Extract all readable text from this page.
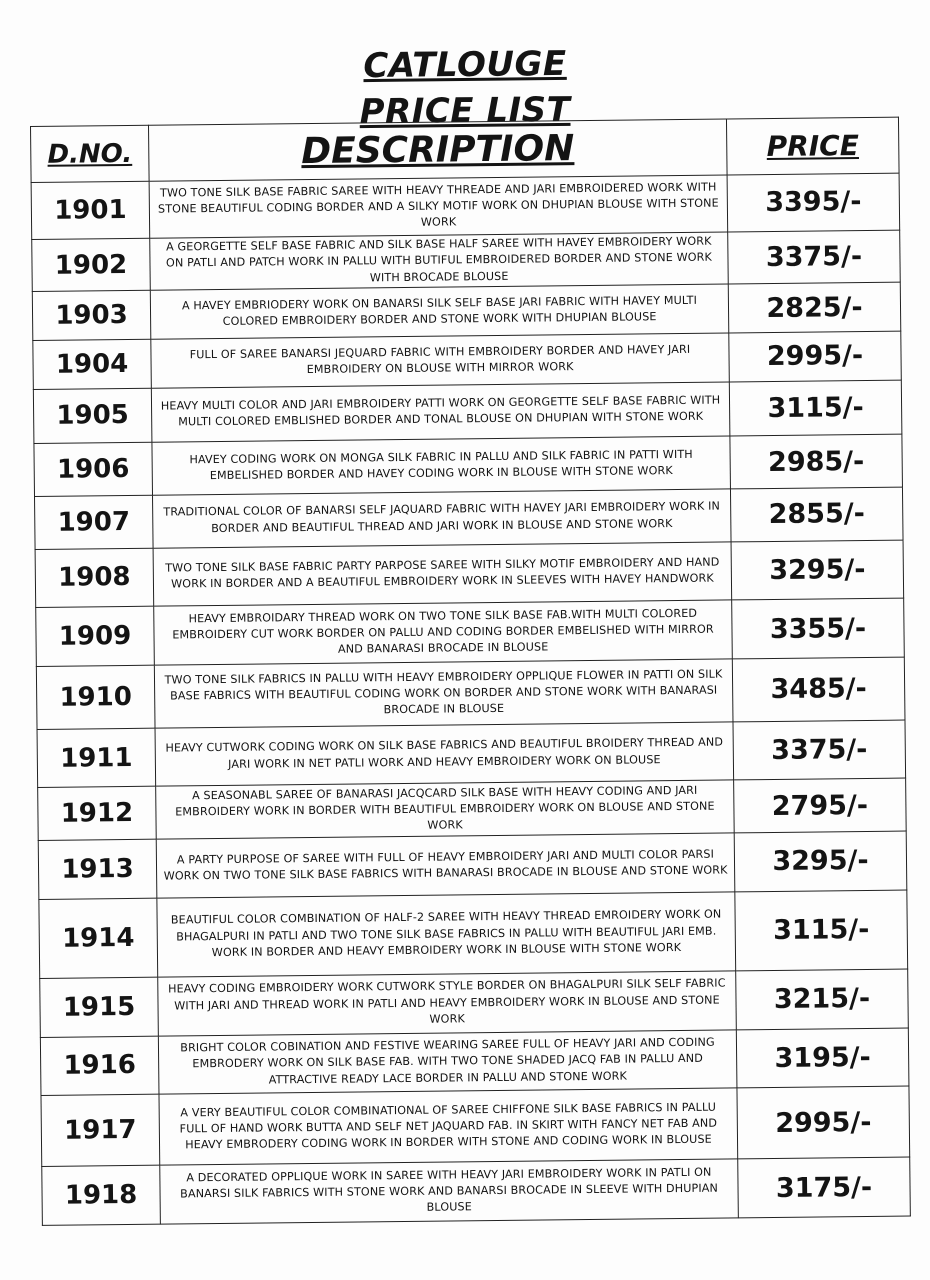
CATLOUGE
PRICE LIST
D.NO.	DESCRIPTION	PRICE
1901	TWO TONE SILK BASE FABRIC SAREE WITH HEAVY THREADE AND JARI EMBROIDERED WORK WITH STONE BEAUTIFUL CODING BORDER AND A SILKY MOTIF WORK ON DHUPIAN BLOUSE WITH STONE WORK	3395/-
1902	A GEORGETTE SELF BASE FABRIC AND SILK BASE HALF SAREE WITH HAVEY EMBROIDERY WORK ON PATLI AND PATCH WORK IN PALLU WITH BUTIFUL EMBROIDERED BORDER AND STONE WORK WITH BROCADE BLOUSE	3375/-
1903	A HAVEY EMBRIODERY WORK ON BANARSI SILK SELF BASE JARI FABRIC WITH HAVEY MULTI COLORED EMBROIDERY BORDER AND STONE WORK WITH DHUPIAN BLOUSE	2825/-
1904	FULL OF SAREE BANARSI JEQUARD FABRIC WITH EMBROIDERY BORDER AND HAVEY JARI EMBROIDERY ON BLOUSE WITH MIRROR WORK	2995/-
1905	HEAVY MULTI COLOR AND JARI EMBROIDERY PATTI WORK ON GEORGETTE SELF BASE FABRIC WITH MULTI COLORED EMBLISHED BORDER AND TONAL BLOUSE ON DHUPIAN WITH STONE WORK	3115/-
1906	HAVEY CODING WORK ON MONGA SILK FABRIC IN PALLU AND SILK FABRIC IN PATTI WITH EMBELISHED BORDER AND HAVEY CODING WORK IN BLOUSE WITH STONE WORK	2985/-
1907	TRADITIONAL COLOR OF BANARSI SELF JAQUARD FABRIC WITH HAVEY JARI EMBROIDERY WORK IN BORDER AND BEAUTIFUL THREAD AND JARI WORK IN BLOUSE AND STONE WORK	2855/-
1908	TWO TONE SILK BASE FABRIC PARTY PARPOSE SAREE WITH SILKY MOTIF EMBROIDERY AND HAND WORK IN BORDER AND A BEAUTIFUL EMBROIDERY WORK IN SLEEVES WITH HAVEY HANDWORK	3295/-
1909	HEAVY EMBROIDARY THREAD WORK ON TWO TONE SILK BASE FAB.WITH MULTI COLORED EMBROIDERY CUT WORK BORDER ON PALLU AND CODING BORDER EMBELISHED WITH MIRROR AND BANARASI BROCADE IN BLOUSE	3355/-
1910	TWO TONE SILK FABRICS IN PALLU WITH HEAVY EMBROIDERY OPPLIQUE FLOWER IN PATTI ON SILK BASE FABRICS WITH BEAUTIFUL CODING WORK ON BORDER AND STONE WORK WITH BANARASI BROCADE IN BLOUSE	3485/-
1911	HEAVY CUTWORK CODING WORK ON SILK BASE FABRICS AND BEAUTIFUL BROIDERY THREAD AND JARI WORK IN NET PATLI WORK AND HEAVY EMBROIDERY WORK ON BLOUSE	3375/-
1912	A SEASONABL SAREE OF BANARASI JACQCARD SILK BASE WITH HEAVY CODING AND JARI EMBROIDERY WORK IN BORDER WITH BEAUTIFUL EMBROIDERY WORK ON BLOUSE AND STONE WORK	2795/-
1913	A PARTY PURPOSE OF SAREE WITH FULL OF HEAVY EMBROIDERY JARI AND MULTI COLOR PARSI WORK ON TWO TONE SILK BASE FABRICS WITH BANARASI BROCADE IN BLOUSE AND STONE WORK	3295/-
1914	BEAUTIFUL COLOR COMBINATION OF HALF-2 SAREE WITH HEAVY THREAD EMROIDERY WORK ON BHAGALPURI IN PATLI AND TWO TONE SILK BASE FABRICS IN PALLU WITH BEAUTIFUL JARI EMB. WORK IN BORDER AND HEAVY EMBROIDERY WORK IN BLOUSE WITH STONE WORK	3115/-
1915	HEAVY CODING EMBROIDERY WORK CUTWORK STYLE BORDER ON BHAGALPURI SILK SELF FABRIC WITH JARI AND THREAD WORK IN PATLI AND HEAVY EMBROIDERY WORK IN BLOUSE AND STONE WORK	3215/-
1916	BRIGHT COLOR COBINATION AND FESTIVE WEARING SAREE FULL OF HEAVY JARI AND CODING EMBRODERY WORK ON SILK BASE FAB. WITH TWO TONE SHADED JACQ FAB IN PALLU AND ATTRACTIVE READY LACE BORDER IN PALLU AND STONE WORK	3195/-
1917	A VERY BEAUTIFUL COLOR COMBINATIONAL OF SAREE CHIFFONE SILK BASE FABRICS IN PALLU FULL OF HAND WORK BUTTA AND SELF NET JAQUARD FAB. IN SKIRT WITH FANCY NET FAB AND HEAVY EMBRODERY CODING WORK IN BORDER WITH STONE AND CODING WORK IN BLOUSE	2995/-
1918	A DECORATED OPPLIQUE WORK IN SAREE WITH HEAVY JARI EMBROIDERY WORK IN PATLI ON BANARSI SILK FABRICS WITH STONE WORK AND BANARSI BROCADE IN SLEEVE WITH DHUPIAN BLOUSE	3175/-
